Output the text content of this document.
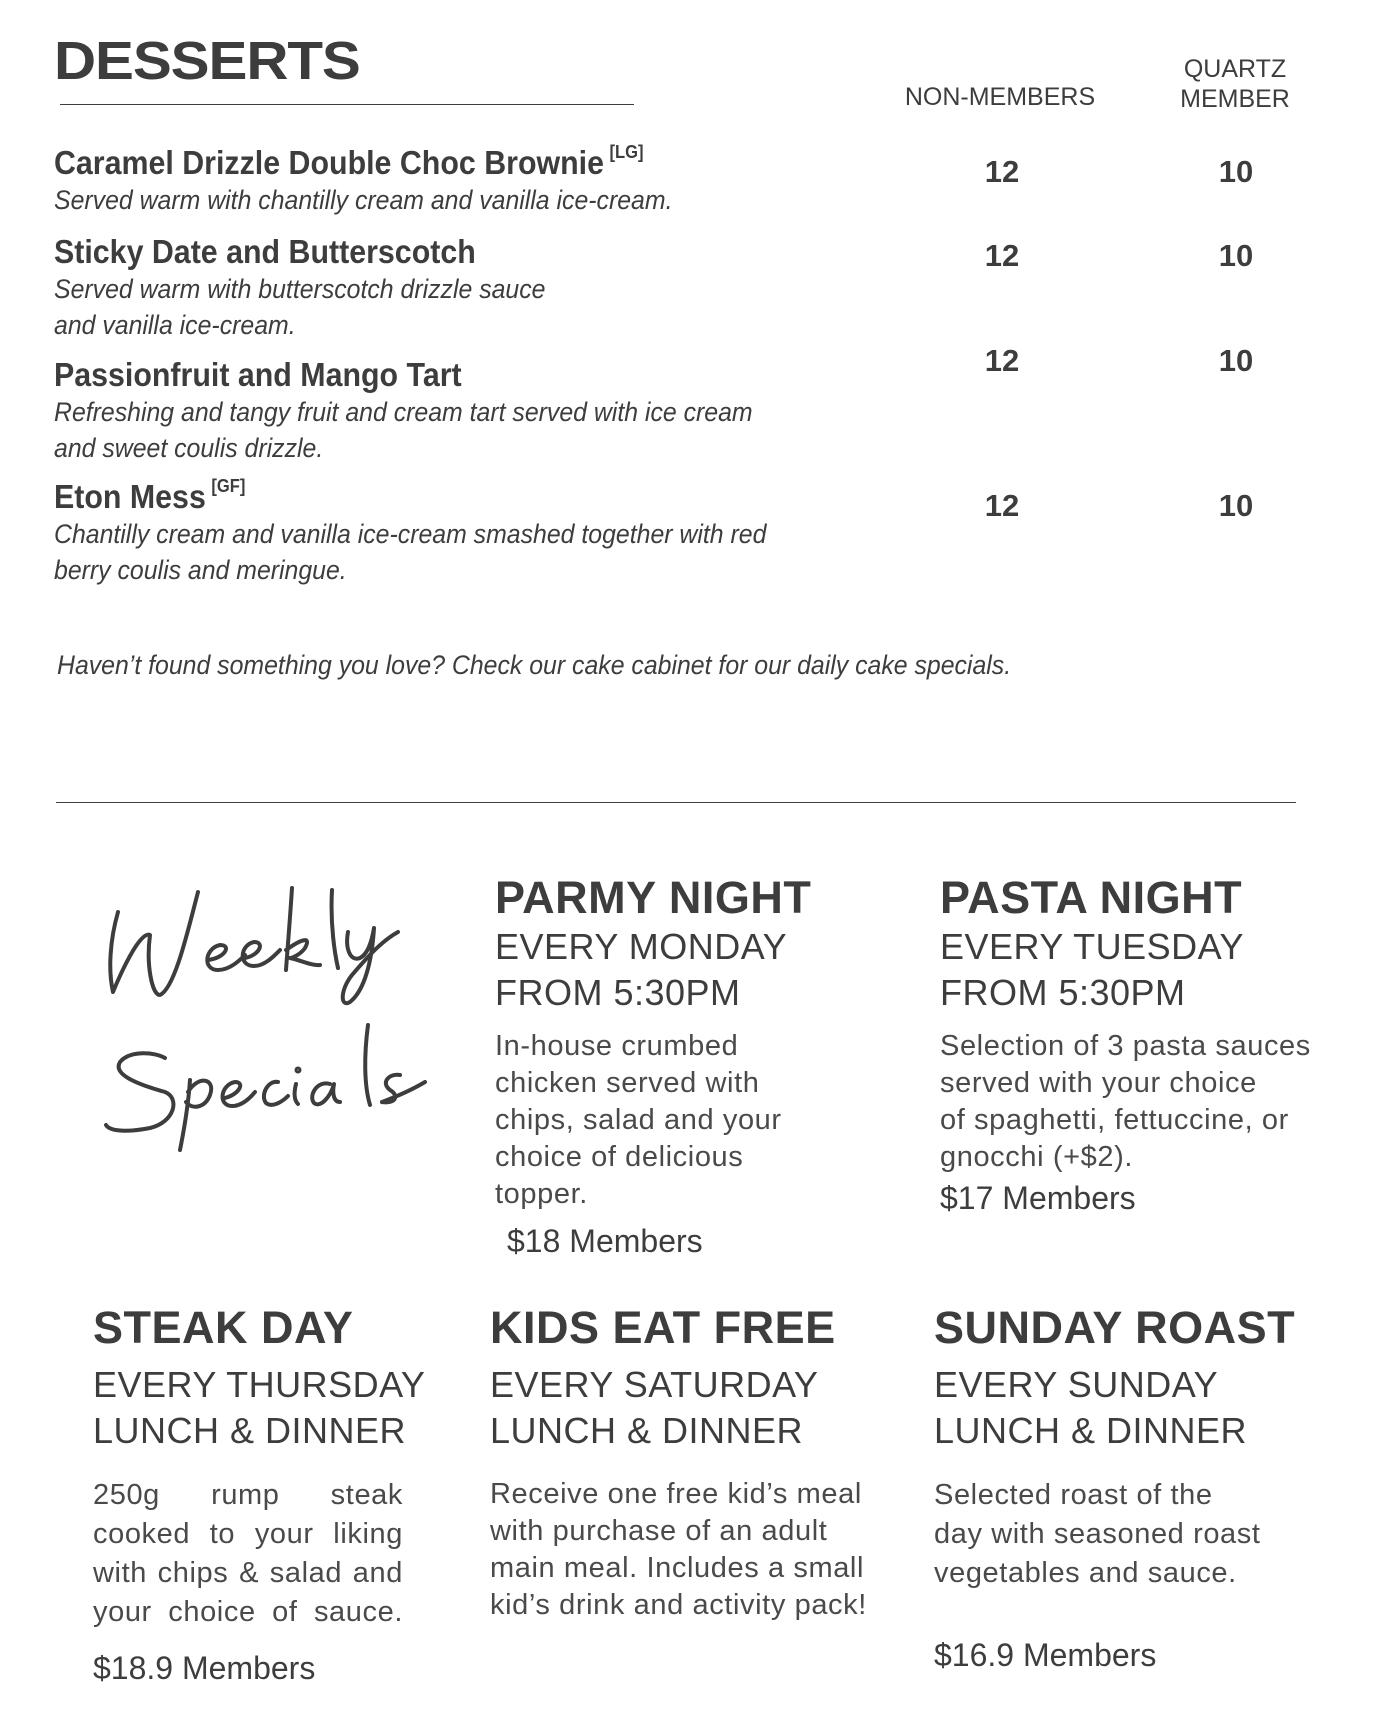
DESSERTS
NON-MEMBERS
QUARTZ
MEMBER
Caramel Drizzle Double Choc Brownie [LG]
Served warm with chantilly cream and vanilla ice-cream.
12	10
Sticky Date and Butterscotch
Served warm with butterscotch drizzle sauce
and vanilla ice-cream.
12	10
Passionfruit and Mango Tart
Refreshing and tangy fruit and cream tart served with ice cream
and sweet coulis drizzle.
12	10
Eton Mess [GF]
Chantilly cream and vanilla ice-cream smashed together with red
berry coulis and meringue.
12	10
Haven’t found something you love? Check our cake cabinet for our daily cake specials.
PARMY NIGHT
EVERY MONDAY
FROM 5:30PM
In-house crumbed
chicken served with
chips, salad and your
choice of delicious
topper.
$18 Members
PASTA NIGHT
EVERY TUESDAY
FROM 5:30PM
Selection of 3 pasta sauces
served with your choice
of spaghetti, fettuccine, or
gnocchi (+$2).
$17 Members
STEAK DAY
EVERY THURSDAY
LUNCH & DINNER
250g rump steak
cooked to your liking
with chips & salad and
your choice of sauce.
$18.9 Members
KIDS EAT FREE
EVERY SATURDAY
LUNCH & DINNER
Receive one free kid’s meal
with purchase of an adult
main meal. Includes a small
kid’s drink and activity pack!
SUNDAY ROAST
EVERY SUNDAY
LUNCH & DINNER
Selected roast of the
day with seasoned roast
vegetables and sauce.
$16.9 Members
